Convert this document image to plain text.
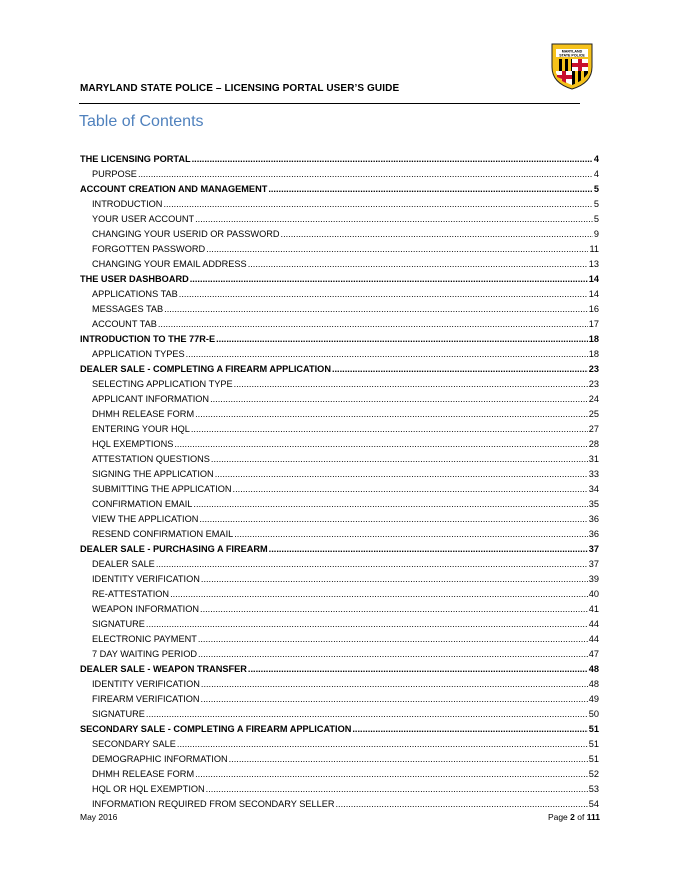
MARYLAND
STATE POLICE
MARYLAND STATE POLICE – LICENSING PORTAL USER’S GUIDE
Table of Contents
THE LICENSING PORTAL .....	4
PURPOSE .....	4
ACCOUNT CREATION AND MANAGEMENT .....	5
INTRODUCTION .....	5
YOUR USER ACCOUNT .....	5
CHANGING YOUR USERID OR PASSWORD .....	9
FORGOTTEN PASSWORD .....	11
CHANGING YOUR EMAIL ADDRESS .....	13
THE USER DASHBOARD .....	14
APPLICATIONS TAB .....	14
MESSAGES TAB .....	16
ACCOUNT TAB .....	17
INTRODUCTION TO THE 77R-E .....	18
APPLICATION TYPES .....	18
DEALER SALE - COMPLETING A FIREARM APPLICATION .....	23
SELECTING APPLICATION TYPE .....	23
APPLICANT INFORMATION .....	24
DHMH RELEASE FORM .....	25
ENTERING YOUR HQL .....	27
HQL EXEMPTIONS .....	28
ATTESTATION QUESTIONS .....	31
SIGNING THE APPLICATION .....	33
SUBMITTING THE APPLICATION .....	34
CONFIRMATION EMAIL .....	35
VIEW THE APPLICATION .....	36
RESEND CONFIRMATION EMAIL .....	36
DEALER SALE - PURCHASING A FIREARM .....	37
DEALER SALE .....	37
IDENTITY VERIFICATION .....	39
RE-ATTESTATION .....	40
WEAPON INFORMATION .....	41
SIGNATURE .....	44
ELECTRONIC PAYMENT .....	44
7 DAY WAITING PERIOD .....	47
DEALER SALE - WEAPON TRANSFER .....	48
IDENTITY VERIFICATION .....	48
FIREARM VERIFICATION .....	49
SIGNATURE .....	50
SECONDARY SALE - COMPLETING A FIREARM APPLICATION .....	51
SECONDARY SALE .....	51
DEMOGRAPHIC INFORMATION .....	51
DHMH RELEASE FORM .....	52
HQL OR HQL EXEMPTION .....	53
INFORMATION REQUIRED FROM SECONDARY SELLER .....	54
May 2016	Page 2 of 111
